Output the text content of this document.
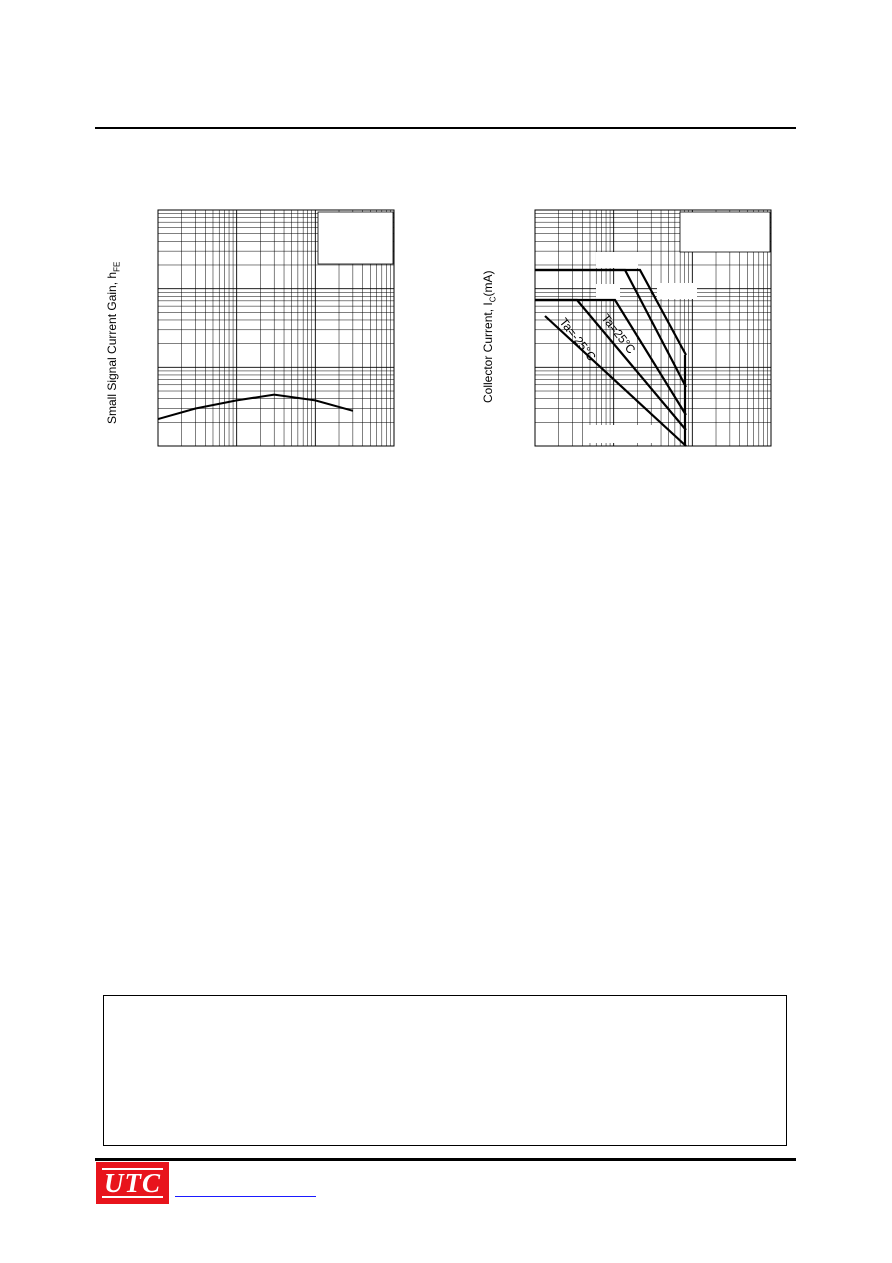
Small Signal Current Gain, $h_{FE}$
Collector Current, $I_C(mA)$
Ta=25°C
Ta=-25°C
UTC
